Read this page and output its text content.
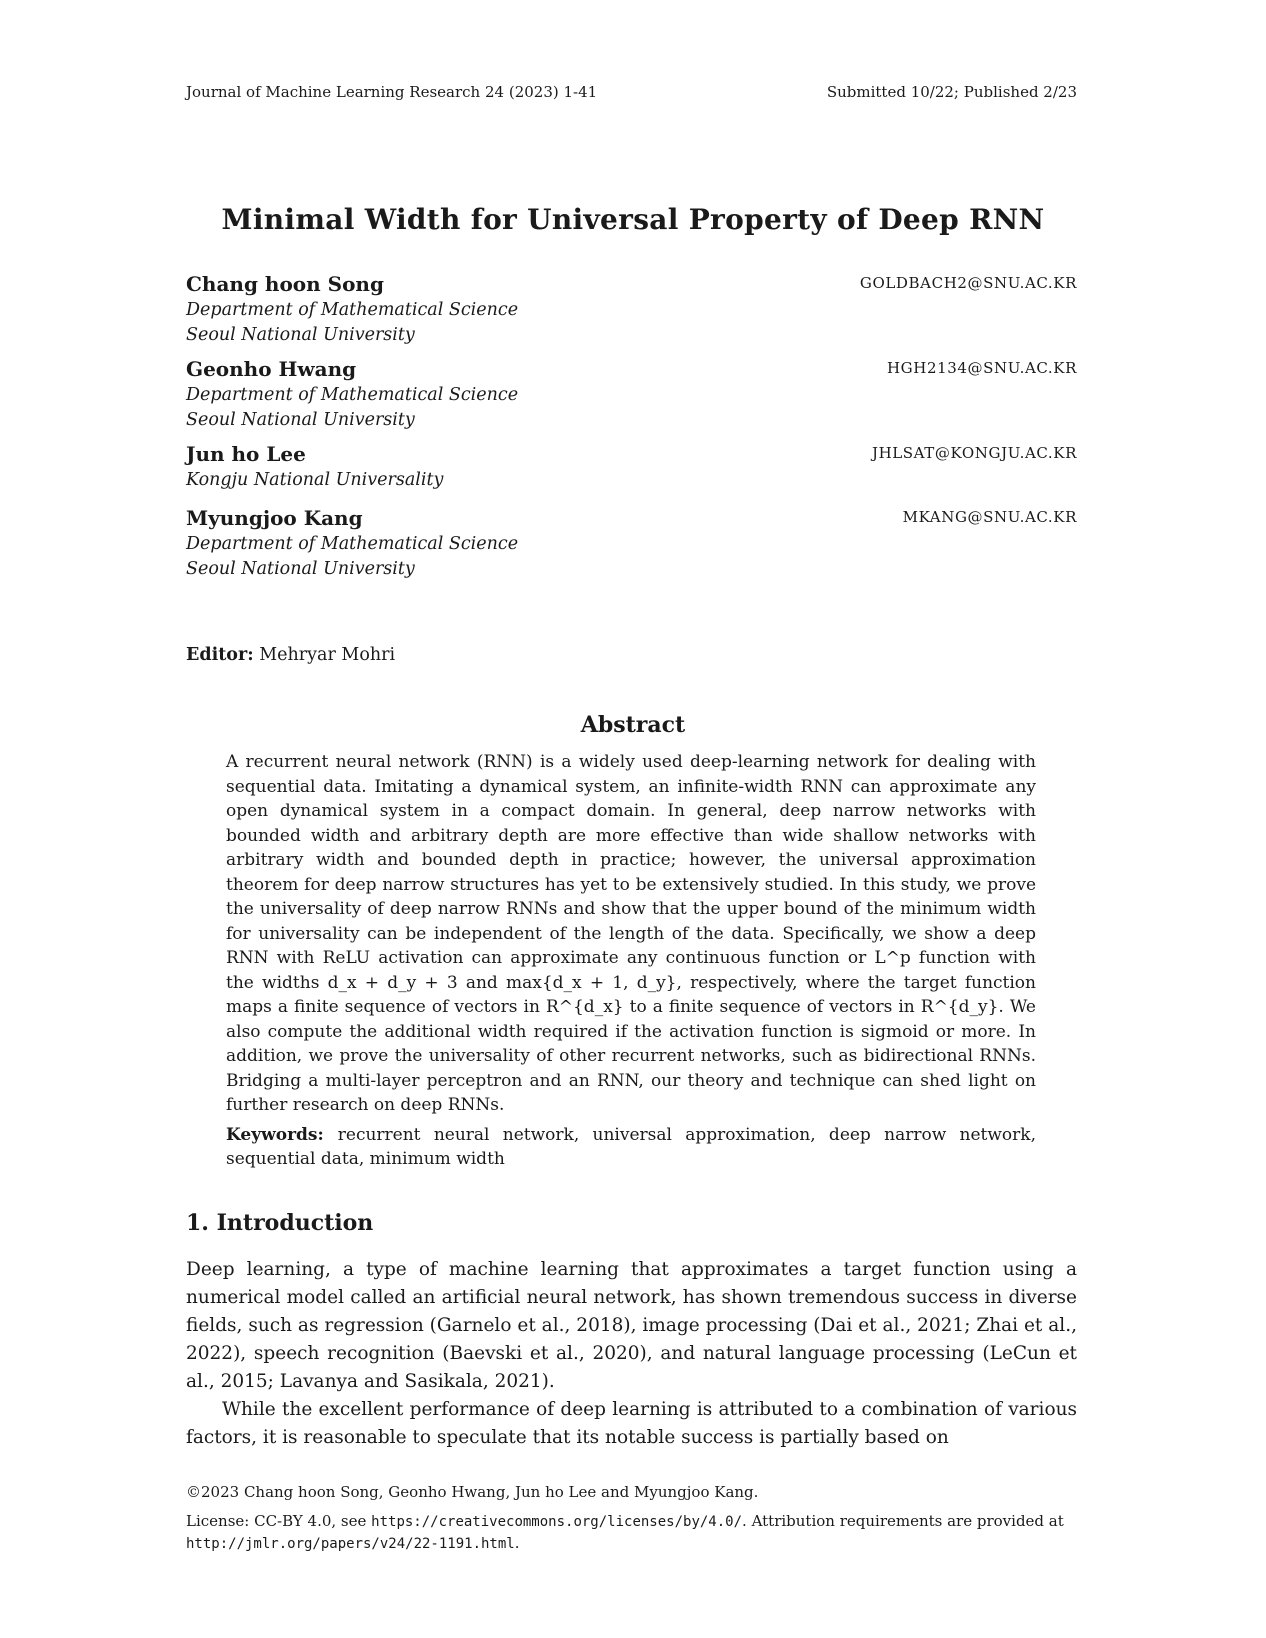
Journal of Machine Learning Research 24 (2023) 1-41	Submitted 10/22; Published 2/23
Minimal Width for Universal Property of Deep RNN
Chang hoon Song	GOLDBACH2@SNU.AC.KR
Department of Mathematical Science
Seoul National University
Geonho Hwang	HGH2134@SNU.AC.KR
Department of Mathematical Science
Seoul National University
Jun ho Lee	JHLSAT@KONGJU.AC.KR
Kongju National Universality
Myungjoo Kang	MKANG@SNU.AC.KR
Department of Mathematical Science
Seoul National University
Editor: Mehryar Mohri
Abstract
A recurrent neural network (RNN) is a widely used deep-learning network for dealing with sequential data. Imitating a dynamical system, an infinite-width RNN can approximate any open dynamical system in a compact domain. In general, deep narrow networks with bounded width and arbitrary depth are more effective than wide shallow networks with arbitrary width and bounded depth in practice; however, the universal approximation theorem for deep narrow structures has yet to be extensively studied. In this study, we prove the universality of deep narrow RNNs and show that the upper bound of the minimum width for universality can be independent of the length of the data. Specifically, we show a deep RNN with ReLU activation can approximate any continuous function or L^p function with the widths d_x + d_y + 3 and max{d_x + 1, d_y}, respectively, where the target function maps a finite sequence of vectors in R^{d_x} to a finite sequence of vectors in R^{d_y}. We also compute the additional width required if the activation function is sigmoid or more. In addition, we prove the universality of other recurrent networks, such as bidirectional RNNs. Bridging a multi-layer perceptron and an RNN, our theory and technique can shed light on further research on deep RNNs.
Keywords: recurrent neural network, universal approximation, deep narrow network, sequential data, minimum width
1. Introduction
Deep learning, a type of machine learning that approximates a target function using a numerical model called an artificial neural network, has shown tremendous success in diverse fields, such as regression (Garnelo et al., 2018), image processing (Dai et al., 2021; Zhai et al., 2022), speech recognition (Baevski et al., 2020), and natural language processing (LeCun et al., 2015; Lavanya and Sasikala, 2021).
While the excellent performance of deep learning is attributed to a combination of various factors, it is reasonable to speculate that its notable success is partially based on
©2023 Chang hoon Song, Geonho Hwang, Jun ho Lee and Myungjoo Kang.
License: CC-BY 4.0, see https://creativecommons.org/licenses/by/4.0/. Attribution requirements are provided at http://jmlr.org/papers/v24/22-1191.html.
